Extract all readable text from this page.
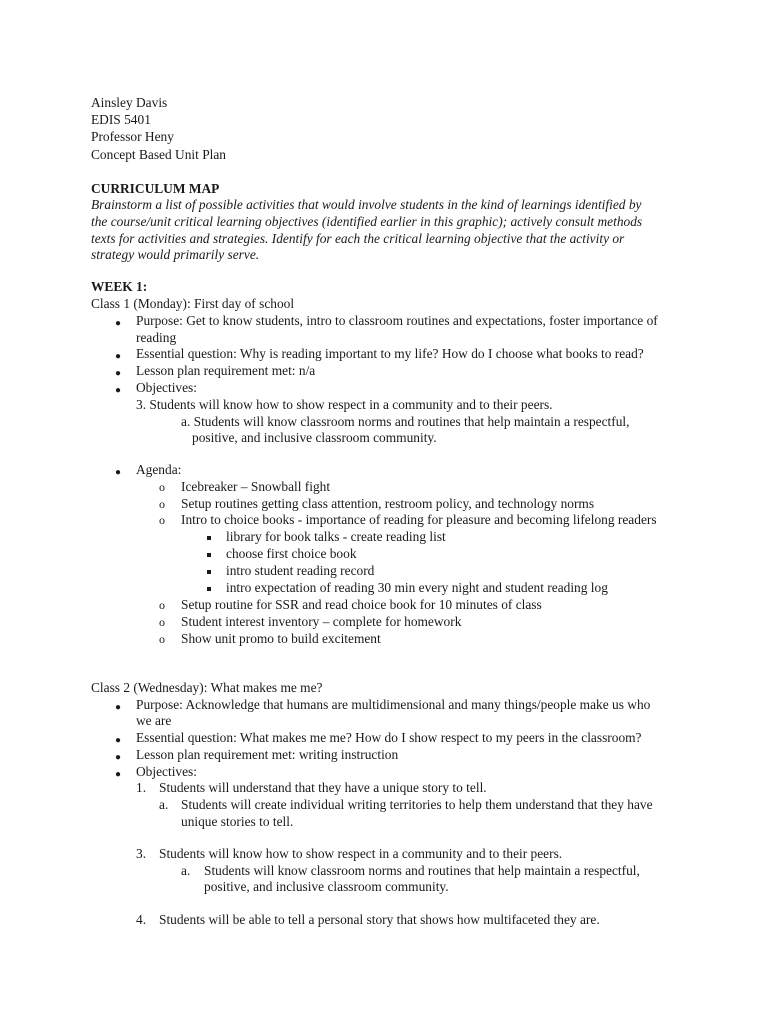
Ainsley Davis
EDIS 5401
Professor Heny
Concept Based Unit Plan
CURRICULUM MAP
Brainstorm a list of possible activities that would involve students in the kind of learnings identified by
the course/unit critical learning objectives (identified earlier in this graphic); actively consult methods
texts for activities and strategies. Identify for each the critical learning objective that the activity or
strategy would primarily serve.
WEEK 1:
Class 1 (Monday): First day of school
● Purpose: Get to know students, intro to classroom routines and expectations, foster importance of
reading
● Essential question: Why is reading important to my life? How do I choose what books to read?
● Lesson plan requirement met: n/a
● Objectives:
3. Students will know how to show respect in a community and to their peers.
a. Students will know classroom norms and routines that help maintain a respectful,
positive, and inclusive classroom community.
● Agenda:
o Icebreaker – Snowball fight
o Setup routines getting class attention, restroom policy, and technology norms
o Intro to choice books - importance of reading for pleasure and becoming lifelong readers
library for book talks - create reading list
choose first choice book
intro student reading record
intro expectation of reading 30 min every night and student reading log
o Setup routine for SSR and read choice book for 10 minutes of class
o Student interest inventory – complete for homework
o Show unit promo to build excitement
Class 2 (Wednesday): What makes me me?
● Purpose: Acknowledge that humans are multidimensional and many things/people make us who
we are
● Essential question: What makes me me? How do I show respect to my peers in the classroom?
● Lesson plan requirement met: writing instruction
● Objectives:
1. Students will understand that they have a unique story to tell.
a. Students will create individual writing territories to help them understand that they have
unique stories to tell.
3. Students will know how to show respect in a community and to their peers.
a. Students will know classroom norms and routines that help maintain a respectful,
positive, and inclusive classroom community.
4. Students will be able to tell a personal story that shows how multifaceted they are.
